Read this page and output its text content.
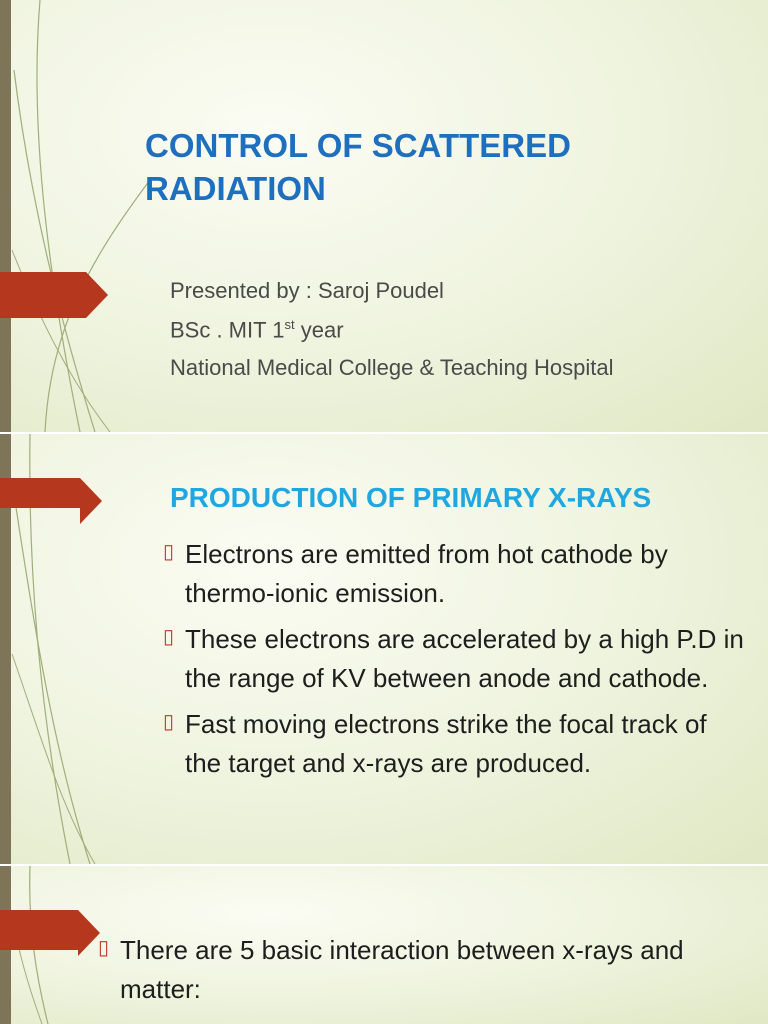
CONTROL OF SCATTERED RADIATION

Presented by : Saroj Poudel

BSc . MIT 1st year

National Medical College & Teaching Hospital

PRODUCTION OF PRIMARY X-RAYS
▯ Electrons are emitted from hot cathode by thermo-ionic emission.
▯ These electrons are accelerated by a high P.D in the range of KV between anode and cathode.
▯ Fast moving electrons strike the focal track of the target and x-rays are produced.
▯ There are 5 basic interaction between x-rays and matter:
